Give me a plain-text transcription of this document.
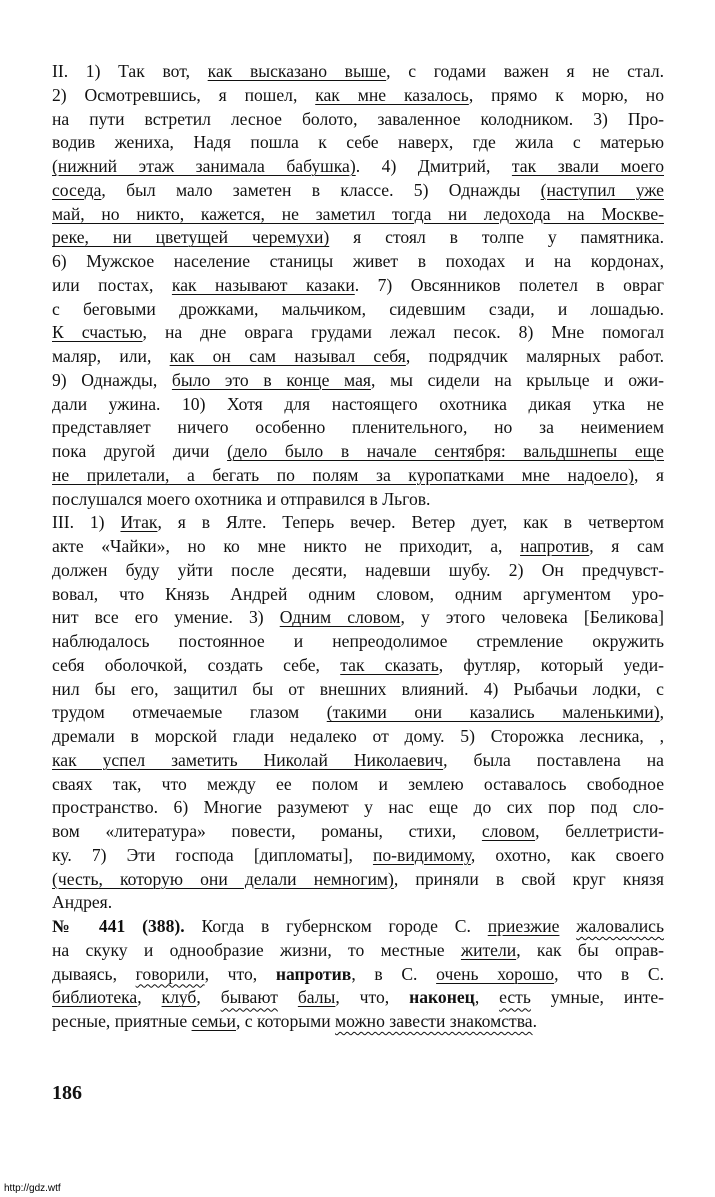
II. 1) Так вот, как высказано выше, с годами важен я не стал.
2) Осмотревшись, я пошел, как мне казалось, прямо к морю, но
на пути встретил лесное болото, заваленное колодником. 3) Про-
водив жениха, Надя пошла к себе наверх, где жила с матерью
(нижний этаж занимала бабушка). 4) Дмитрий, так звали моего
соседа, был мало заметен в классе. 5) Однажды (наступил уже
май, но никто, кажется, не заметил тогда ни ледохода на Москве-
реке, ни цветущей черемухи) я стоял в толпе у памятника.
6) Мужское население станицы живет в походах и на кордонах,
или постах, как называют казаки. 7) Овсянников полетел в овраг
с беговыми дрожками, мальчиком, сидевшим сзади, и лошадью.
К счастью, на дне оврага грудами лежал песок. 8) Мне помогал
маляр, или, как он сам называл себя, подрядчик малярных работ.
9) Однажды, было это в конце мая, мы сидели на крыльце и ожи-
дали ужина. 10) Хотя для настоящего охотника дикая утка не
представляет ничего особенно пленительного, но за неимением
пока другой дичи (дело было в начале сентября: вальдшнепы еще
не прилетали, а бегать по полям за куропатками мне надоело), я
послушался моего охотника и отправился в Льгов.
III. 1) Итак, я в Ялте. Теперь вечер. Ветер дует, как в четвертом
акте «Чайки», но ко мне никто не приходит, а, напротив, я сам
должен буду уйти после десяти, надевши шубу. 2) Он предчувст-
вовал, что Князь Андрей одним словом, одним аргументом уро-
нит все его умение. 3) Одним словом, у этого человека [Беликова]
наблюдалось постоянное и непреодолимое стремление окружить
себя оболочкой, создать себе, так сказать, футляр, который уеди-
нил бы его, защитил бы от внешних влияний. 4) Рыбачьи лодки, с
трудом отмечаемые глазом (такими они казались маленькими),
дремали в морской глади недалеко от дому. 5) Сторожка лесника, ,
как успел заметить Николай Николаевич, была поставлена на
сваях так, что между ее полом и землею оставалось свободное
пространство. 6) Многие разумеют у нас еще до сих пор под сло-
вом «литература» повести, романы, стихи, словом, беллетристи-
ку. 7) Эти господа [дипломаты], по-видимому, охотно, как своего
(честь, которую они делали немногим), приняли в свой круг князя
Андрея.
№ 441 (388). Когда в губернском городе С. приезжие жаловались
на скуку и однообразие жизни, то местные жители, как бы оправ-
дываясь, говорили, что, напротив, в С. очень хорошо, что в С.
библиотека, клуб, бывают балы, что, наконец, есть умные, инте-
ресные, приятные семьи, с которыми можно завести знакомства.
186
http://gdz.wtf
